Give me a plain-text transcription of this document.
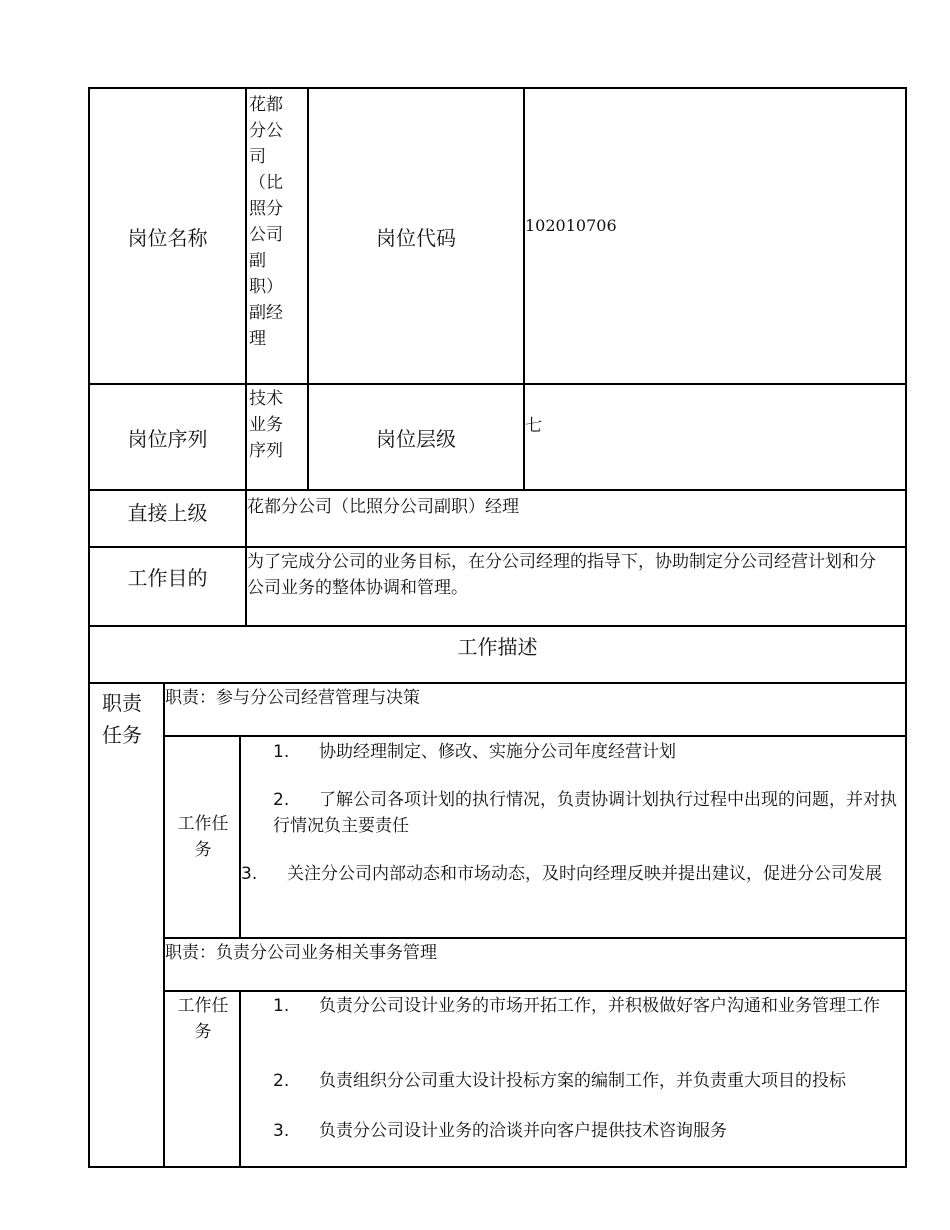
岗位名称
花都分公司（比照分公司副职）副经理
岗位代码	102010706
岗位序列
技术业务序列
岗位层级
七
直接上级	花都分公司（比照分公司副职）经理
工作目的
为了完成分公司的业务目标，在分公司经理的指导下，协助制定分公司经营计划和分公司业务的整体协调和管理。
工作描述
职责任务
职责：参与分公司经营管理与决策
工作任务
1. 协助经理制定、修改、实施分公司年度经营计划
2. 了解公司各项计划的执行情况，负责协调计划执行过程中出现的问题，并对执行情况负主要责任
3. 关注分公司内部动态和市场动态，及时向经理反映并提出建议，促进分公司发展
职责：负责分公司业务相关事务管理
工作任务
1. 负责分公司设计业务的市场开拓工作，并积极做好客户沟通和业务管理工作
2. 负责组织分公司重大设计投标方案的编制工作，并负责重大项目的投标
3. 负责分公司设计业务的洽谈并向客户提供技术咨询服务
